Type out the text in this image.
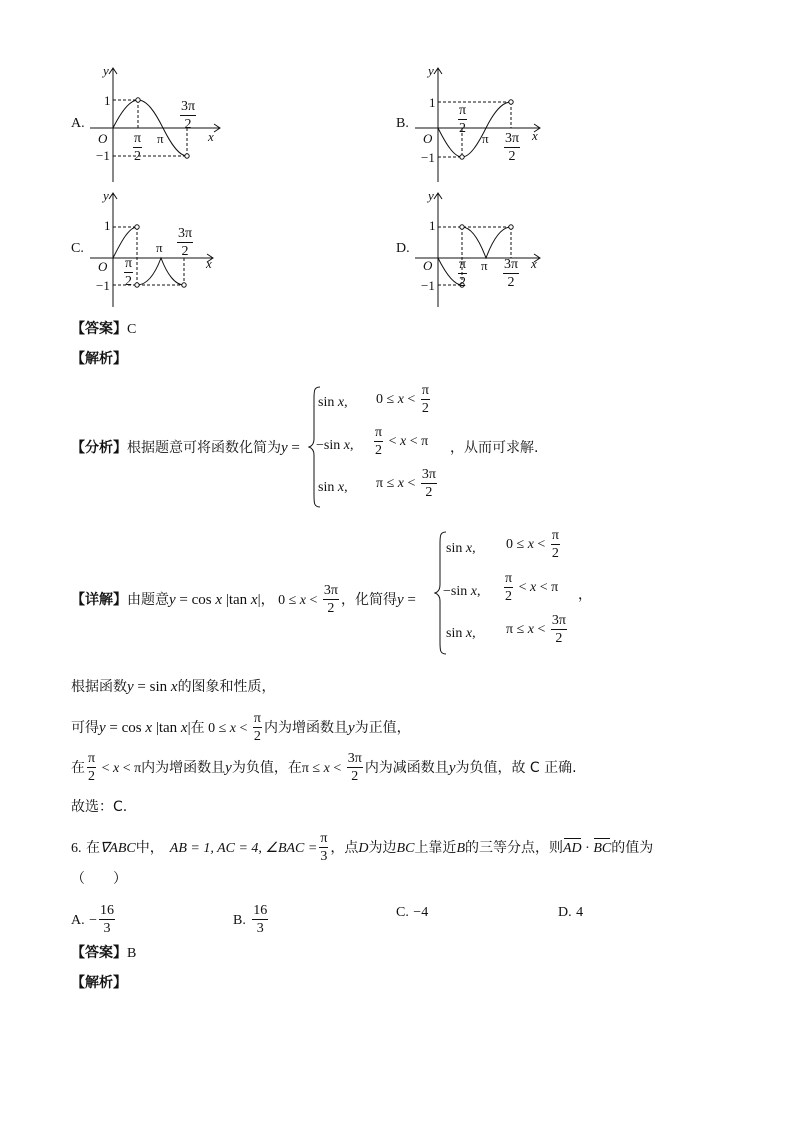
A.
y
1
O
$-1 \frac{\pi}{2}$ π
$\frac{3\pi}{2}$
x
B.
y
1
$\frac{\pi}{2}$
O
−1
π $\frac{3\pi}{2}$ x
C.
y
1
O
$-1 \frac{\pi}{2}$
π $\frac{3\pi}{2}$
x
D.
y
1
O
$-1 \frac{\pi}{2}$ π $\frac{3\pi}{2}$ x
【答案】C
【解析】
【分析】根据题意可将函数化简为y =
sin x, $0 \le x < \frac{\pi}{2}$
−sin x, $\frac{\pi}{2} < x < \pi$
sin x, $\pi \le x < \frac{3\pi}{2}$
，从而可求解.
【详解】由题意y = cos x |tan x|， $0 \le x < \frac{3\pi}{2}$ ，化简得y =
sin x, $0 \le x < \frac{\pi}{2}$
−sin x, $\frac{\pi}{2} < x < \pi$
sin x, $\pi \le x < \frac{3\pi}{2}$
，
根据函数y = sin x的图象和性质，
可得y = cos x |tan x|在 $0 \le x < \frac{\pi}{2}$ 内为增函数且y为正值，
在 $\frac{\pi}{2} < x < \pi$内为增函数且y为负值，在$\pi \le x < \frac{3\pi}{2}$ 内为减函数且y为负值，故 C 正确.
故选：C.
6. 在∇ABC中， AB = 1, AC = 4, ∠BAC = $\frac{\pi}{3}$ ，点D为边BC上靠近B的三等分点，则AD · BC的值为
（　　）
A. − $\frac{16}{3}$	B. $\frac{16}{3}$	C. −4	D. 4
【答案】B
【解析】
